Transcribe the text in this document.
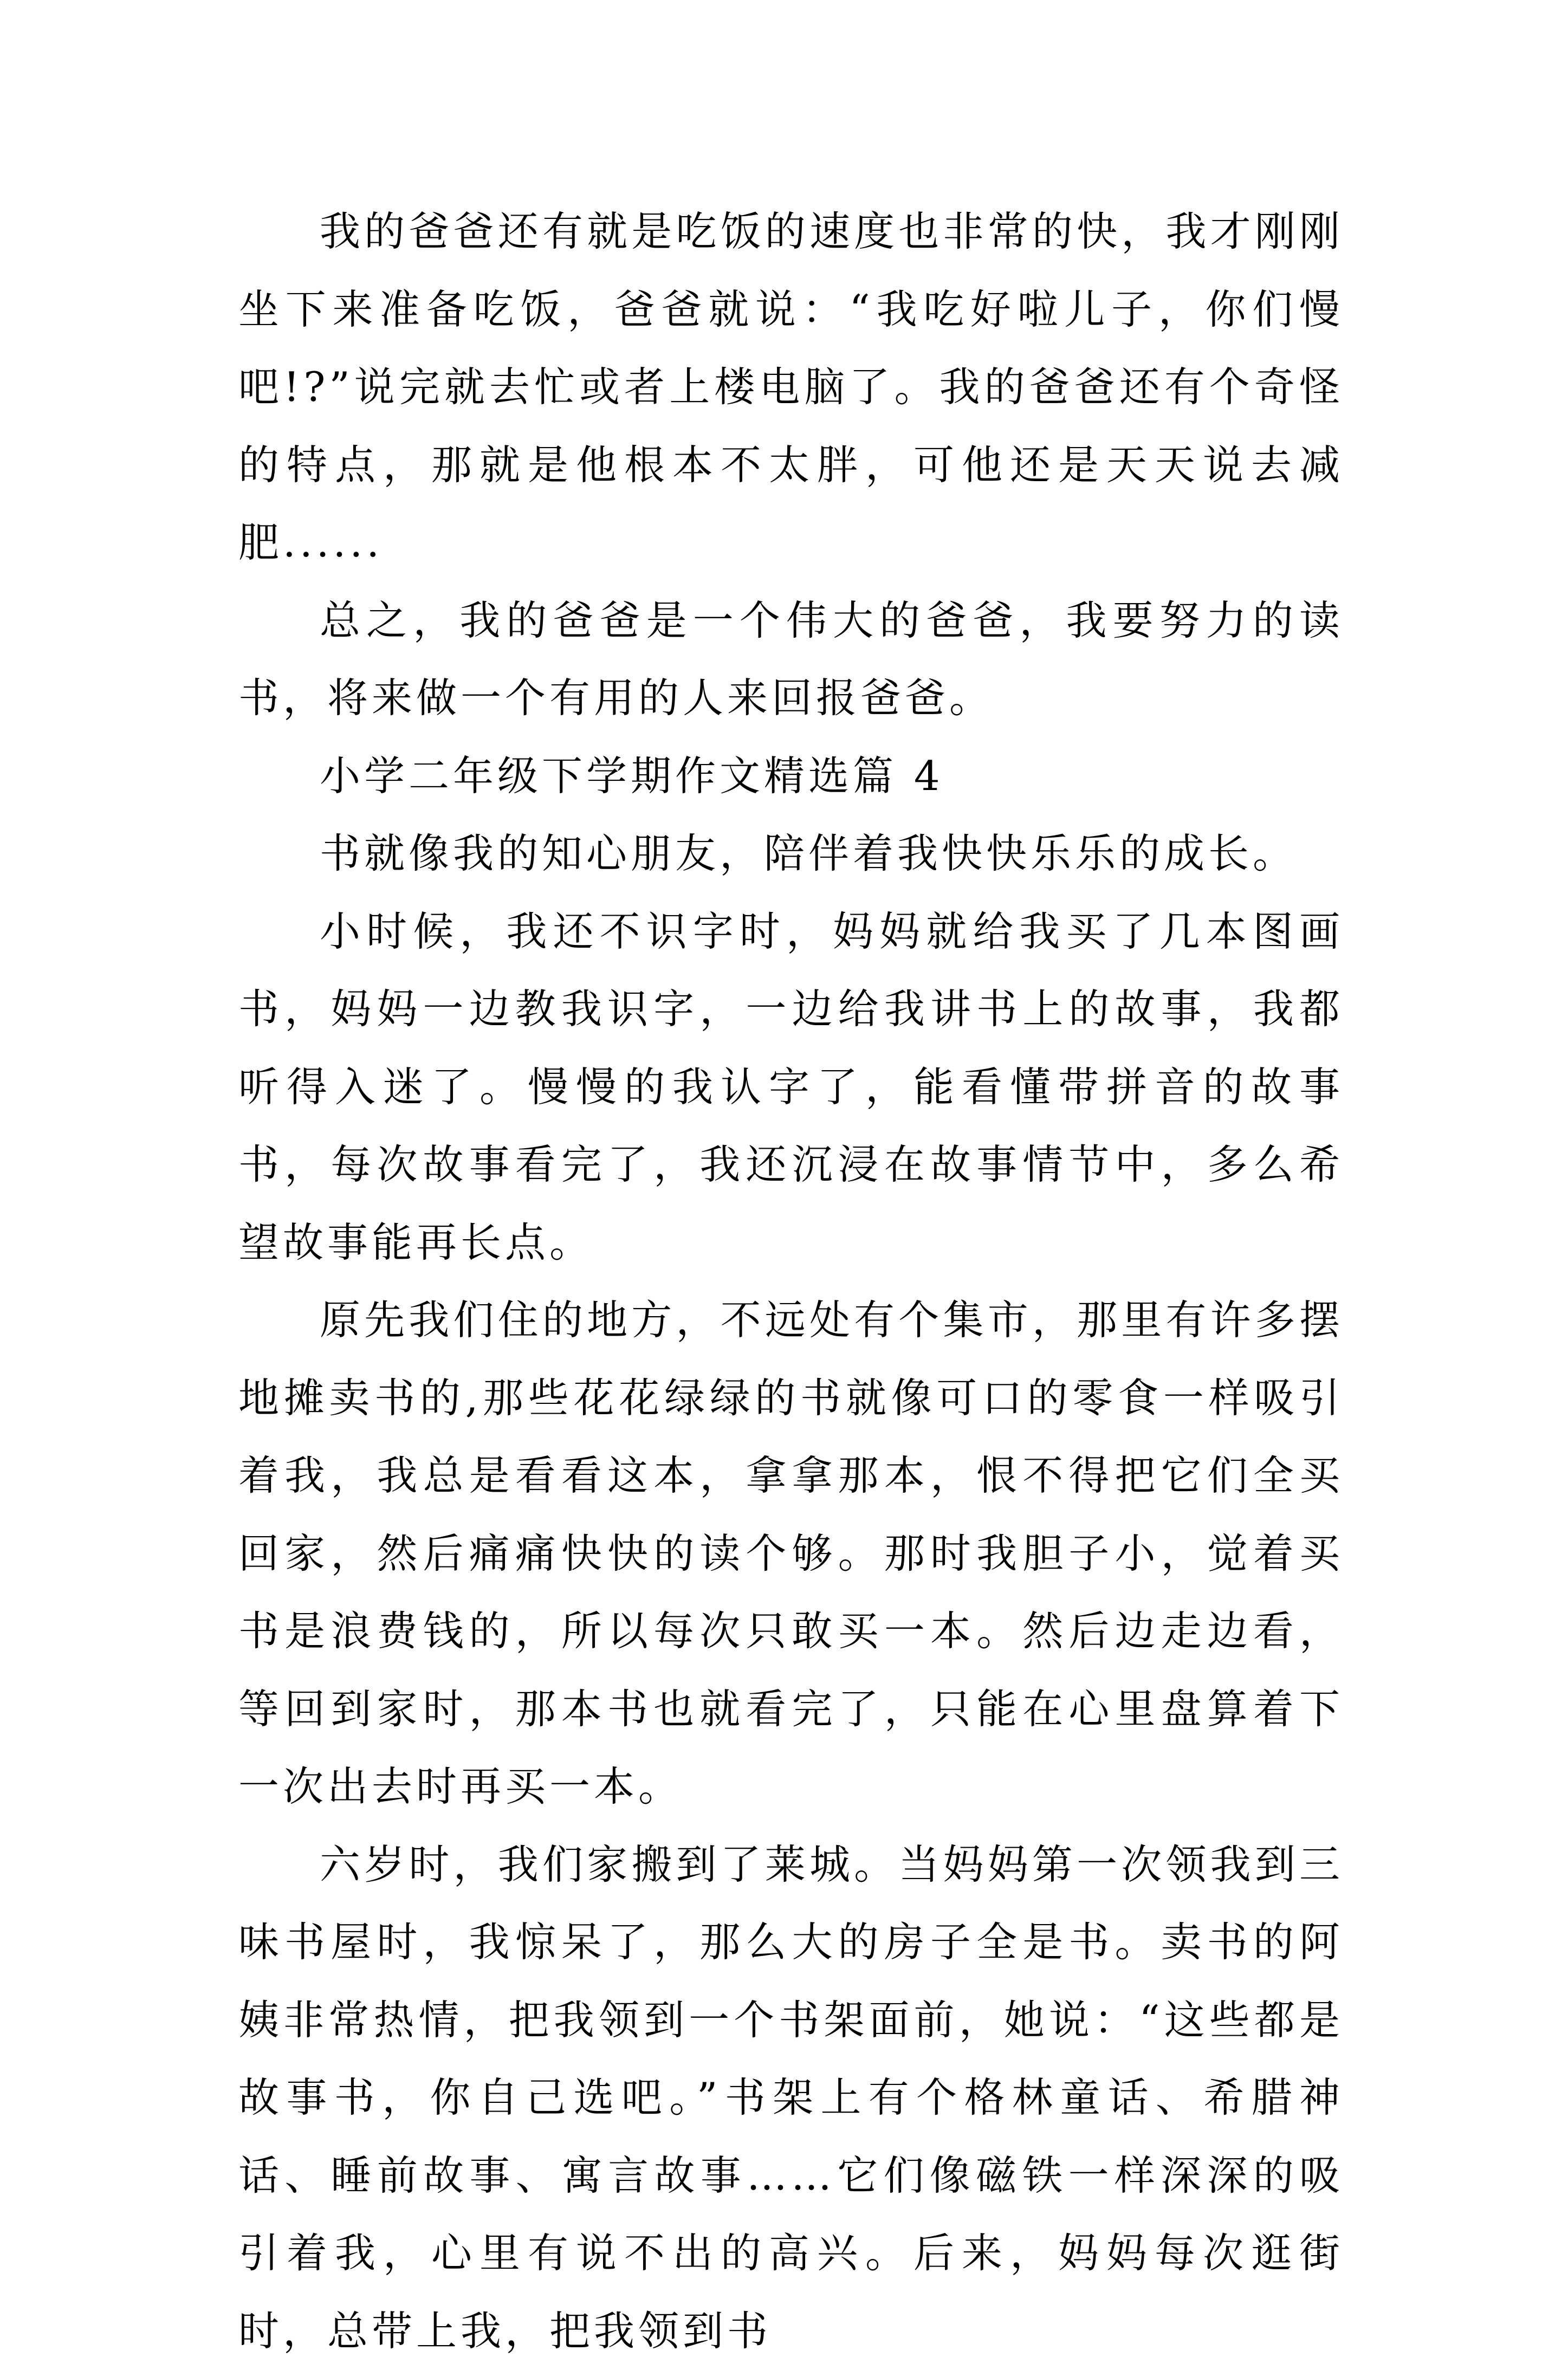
我的爸爸还有就是吃饭的速度也非常的快，我才刚刚坐下来准备吃饭，爸爸就说：“我吃好啦儿子，你们慢吧!?”说完就去忙或者上楼电脑了。我的爸爸还有个奇怪的特点，那就是他根本不太胖，可他还是天天说去减肥......

总之，我的爸爸是一个伟大的爸爸，我要努力的读书，将来做一个有用的人来回报爸爸。

小学二年级下学期作文精选篇 4

书就像我的知心朋友，陪伴着我快快乐乐的成长。

小时候，我还不识字时，妈妈就给我买了几本图画书，妈妈一边教我识字，一边给我讲书上的故事，我都听得入迷了。慢慢的我认字了，能看懂带拼音的故事书，每次故事看完了，我还沉浸在故事情节中，多么希望故事能再长点。

原先我们住的地方，不远处有个集市，那里有许多摆地摊卖书的,那些花花绿绿的书就像可口的零食一样吸引着我，我总是看看这本，拿拿那本，恨不得把它们全买回家，然后痛痛快快的读个够。那时我胆子小，觉着买书是浪费钱的，所以每次只敢买一本。然后边走边看，等回到家时，那本书也就看完了，只能在心里盘算着下一次出去时再买一本。

六岁时，我们家搬到了莱城。当妈妈第一次领我到三味书屋时，我惊呆了，那么大的房子全是书。卖书的阿姨非常热情，把我领到一个书架面前，她说：“这些都是故事书，你自己选吧。”书架上有个格林童话、希腊神话、睡前故事、寓言故事……它们像磁铁一样深深的吸引着我，心里有说不出的高兴。后来，妈妈每次逛街时，总带上我，把我领到书
